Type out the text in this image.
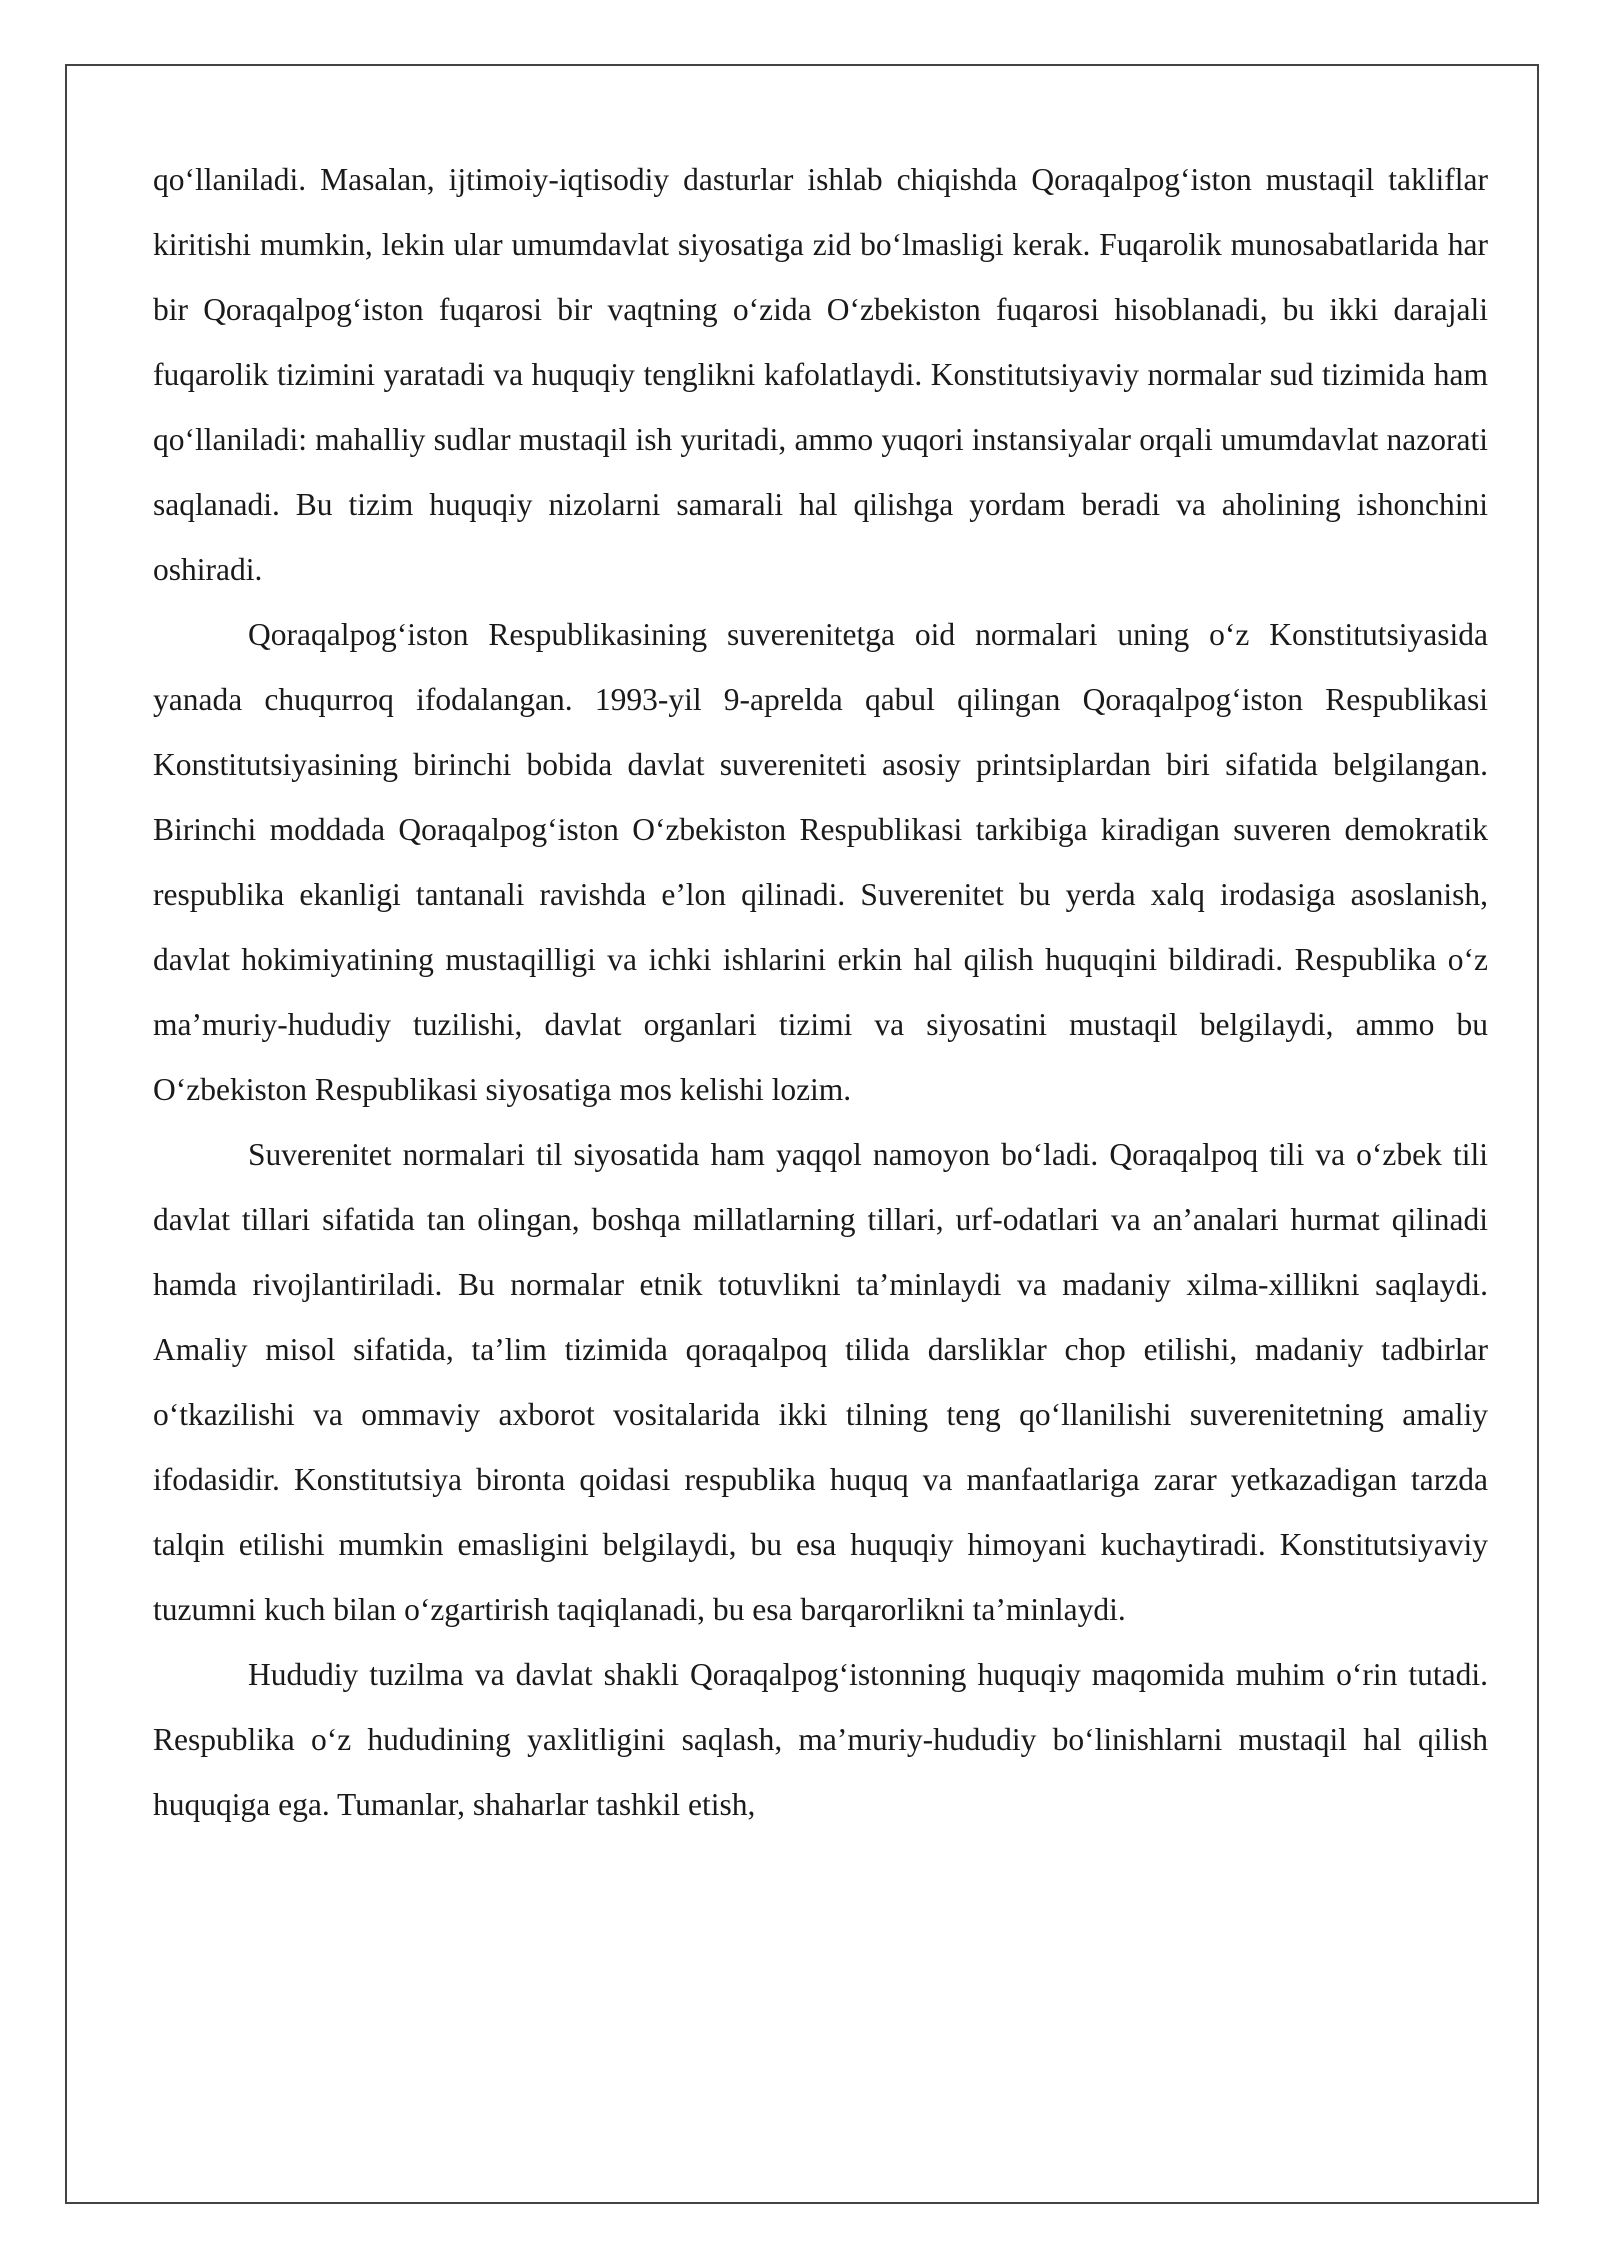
qo‘llaniladi. Masalan, ijtimoiy-iqtisodiy dasturlar ishlab chiqishda Qoraqalpog‘iston mustaqil takliflar kiritishi mumkin, lekin ular umumdavlat siyosatiga zid bo‘lmasligi kerak. Fuqarolik munosabatlarida har bir Qoraqalpog‘iston fuqarosi bir vaqtning o‘zida O‘zbekiston fuqarosi hisoblanadi, bu ikki darajali fuqarolik tizimini yaratadi va huquqiy tenglikni kafolatlaydi. Konstitutsiyaviy normalar sud tizimida ham qo‘llaniladi: mahalliy sudlar mustaqil ish yuritadi, ammo yuqori instansiyalar orqali umumdavlat nazorati saqlanadi. Bu tizim huquqiy nizolarni samarali hal qilishga yordam beradi va aholining ishonchini oshiradi.

Qoraqalpog‘iston Respublikasining suverenitetga oid normalari uning o‘z Konstitutsiyasida yanada chuqurroq ifodalangan. 1993-yil 9-aprelda qabul qilingan Qoraqalpog‘iston Respublikasi Konstitutsiyasining birinchi bobida davlat suvereniteti asosiy printsiplardan biri sifatida belgilangan. Birinchi moddada Qoraqalpog‘iston O‘zbekiston Respublikasi tarkibiga kiradigan suveren demokratik respublika ekanligi tantanali ravishda e’lon qilinadi. Suverenitet bu yerda xalq irodasiga asoslanish, davlat hokimiyatining mustaqilligi va ichki ishlarini erkin hal qilish huquqini bildiradi. Respublika o‘z ma’muriy-hududiy tuzilishi, davlat organlari tizimi va siyosatini mustaqil belgilaydi, ammo bu O‘zbekiston Respublikasi siyosatiga mos kelishi lozim.

Suverenitet normalari til siyosatida ham yaqqol namoyon bo‘ladi. Qoraqalpoq tili va o‘zbek tili davlat tillari sifatida tan olingan, boshqa millatlarning tillari, urf-odatlari va an’analari hurmat qilinadi hamda rivojlantiriladi. Bu normalar etnik totuvlikni ta’minlaydi va madaniy xilma-xillikni saqlaydi. Amaliy misol sifatida, ta’lim tizimida qoraqalpoq tilida darsliklar chop etilishi, madaniy tadbirlar o‘tkazilishi va ommaviy axborot vositalarida ikki tilning teng qo‘llanilishi suverenitetning amaliy ifodasidir. Konstitutsiya bironta qoidasi respublika huquq va manfaatlariga zarar yetkazadigan tarzda talqin etilishi mumkin emasligini belgilaydi, bu esa huquqiy himoyani kuchaytiradi. Konstitutsiyaviy tuzumni kuch bilan o‘zgartirish taqiqlanadi, bu esa barqarorlikni ta’minlaydi.

Hududiy tuzilma va davlat shakli Qoraqalpog‘istonning huquqiy maqomida muhim o‘rin tutadi. Respublika o‘z hududining yaxlitligini saqlash, ma’muriy-hududiy bo‘linishlarni mustaqil hal qilish huquqiga ega. Tumanlar, shaharlar tashkil etish,
